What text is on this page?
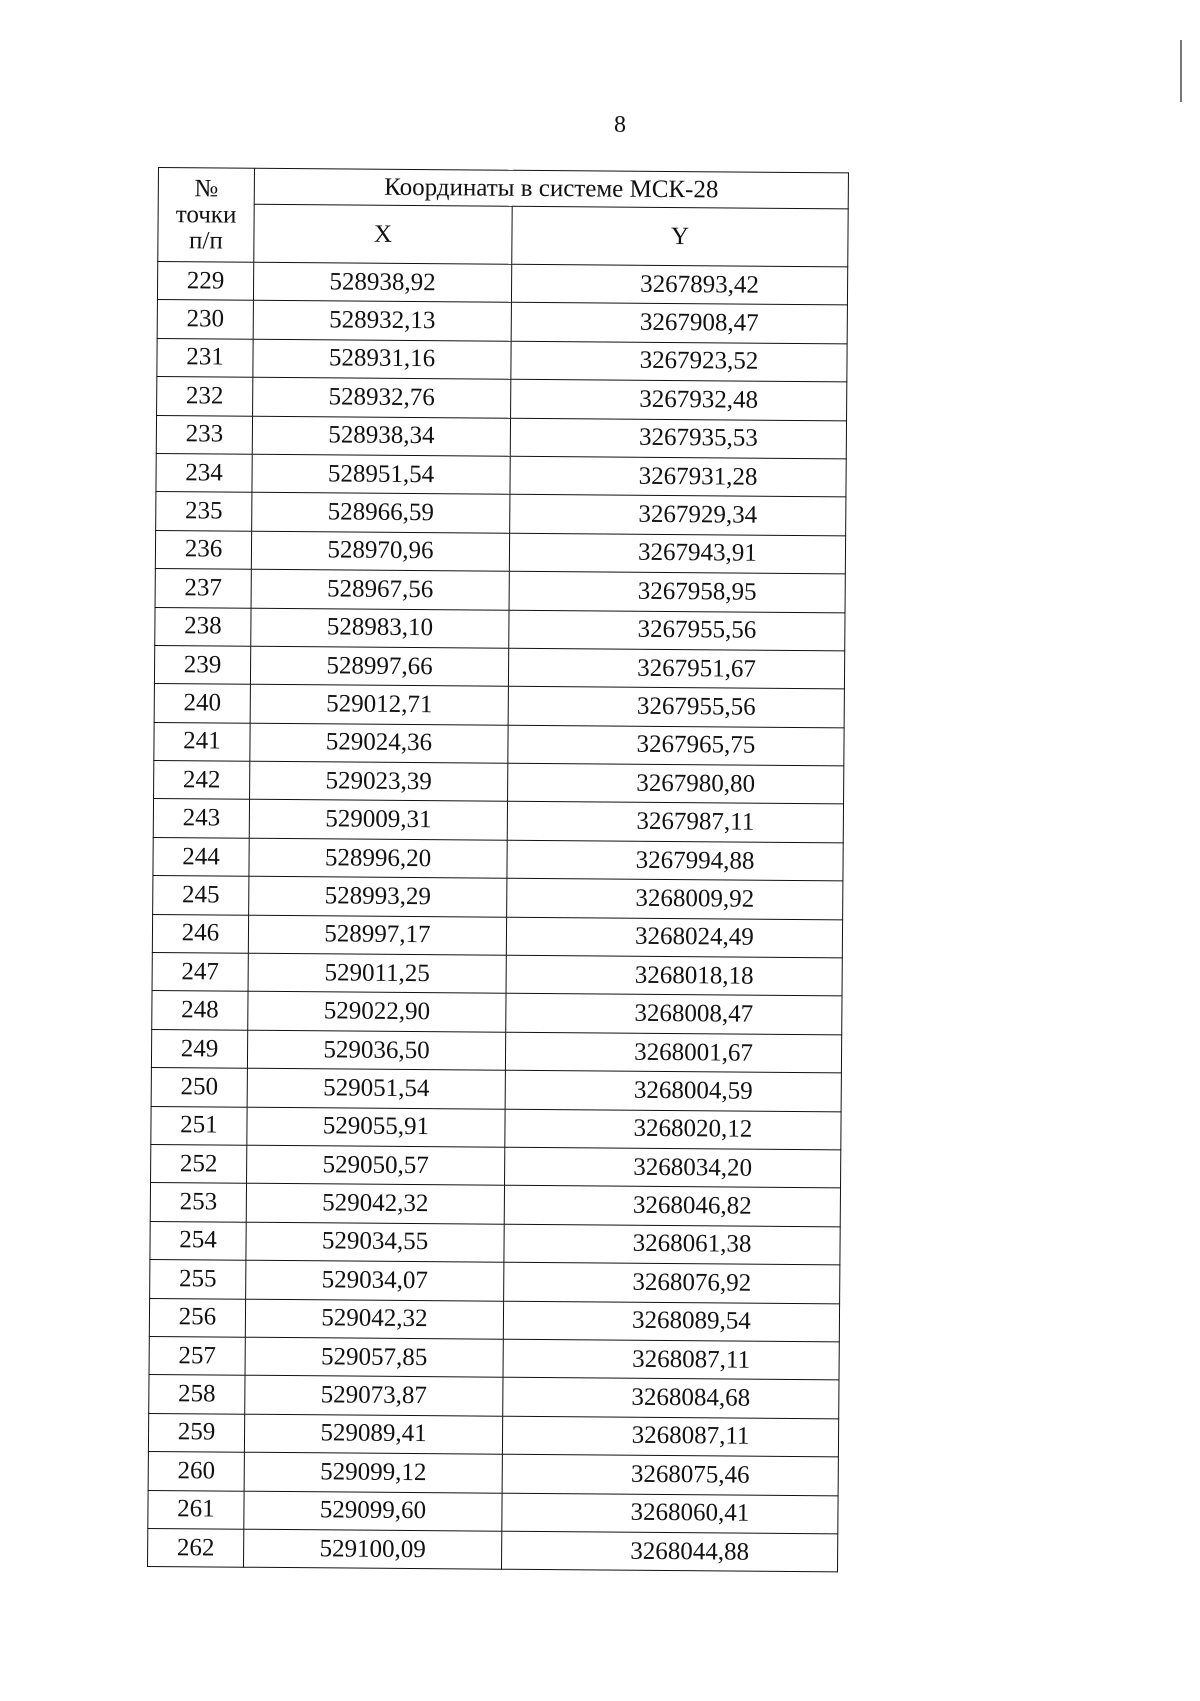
8
№
точки
п/п	Координаты в системе МСК-28	
	X	Y
229	528938,92	3267893,42
230	528932,13	3267908,47
231	528931,16	3267923,52
232	528932,76	3267932,48
233	528938,34	3267935,53
234	528951,54	3267931,28
235	528966,59	3267929,34
236	528970,96	3267943,91
237	528967,56	3267958,95
238	528983,10	3267955,56
239	528997,66	3267951,67
240	529012,71	3267955,56
241	529024,36	3267965,75
242	529023,39	3267980,80
243	529009,31	3267987,11
244	528996,20	3267994,88
245	528993,29	3268009,92
246	528997,17	3268024,49
247	529011,25	3268018,18
248	529022,90	3268008,47
249	529036,50	3268001,67
250	529051,54	3268004,59
251	529055,91	3268020,12
252	529050,57	3268034,20
253	529042,32	3268046,82
254	529034,55	3268061,38
255	529034,07	3268076,92
256	529042,32	3268089,54
257	529057,85	3268087,11
258	529073,87	3268084,68
259	529089,41	3268087,11
260	529099,12	3268075,46
261	529099,60	3268060,41
262	529100,09	3268044,88
